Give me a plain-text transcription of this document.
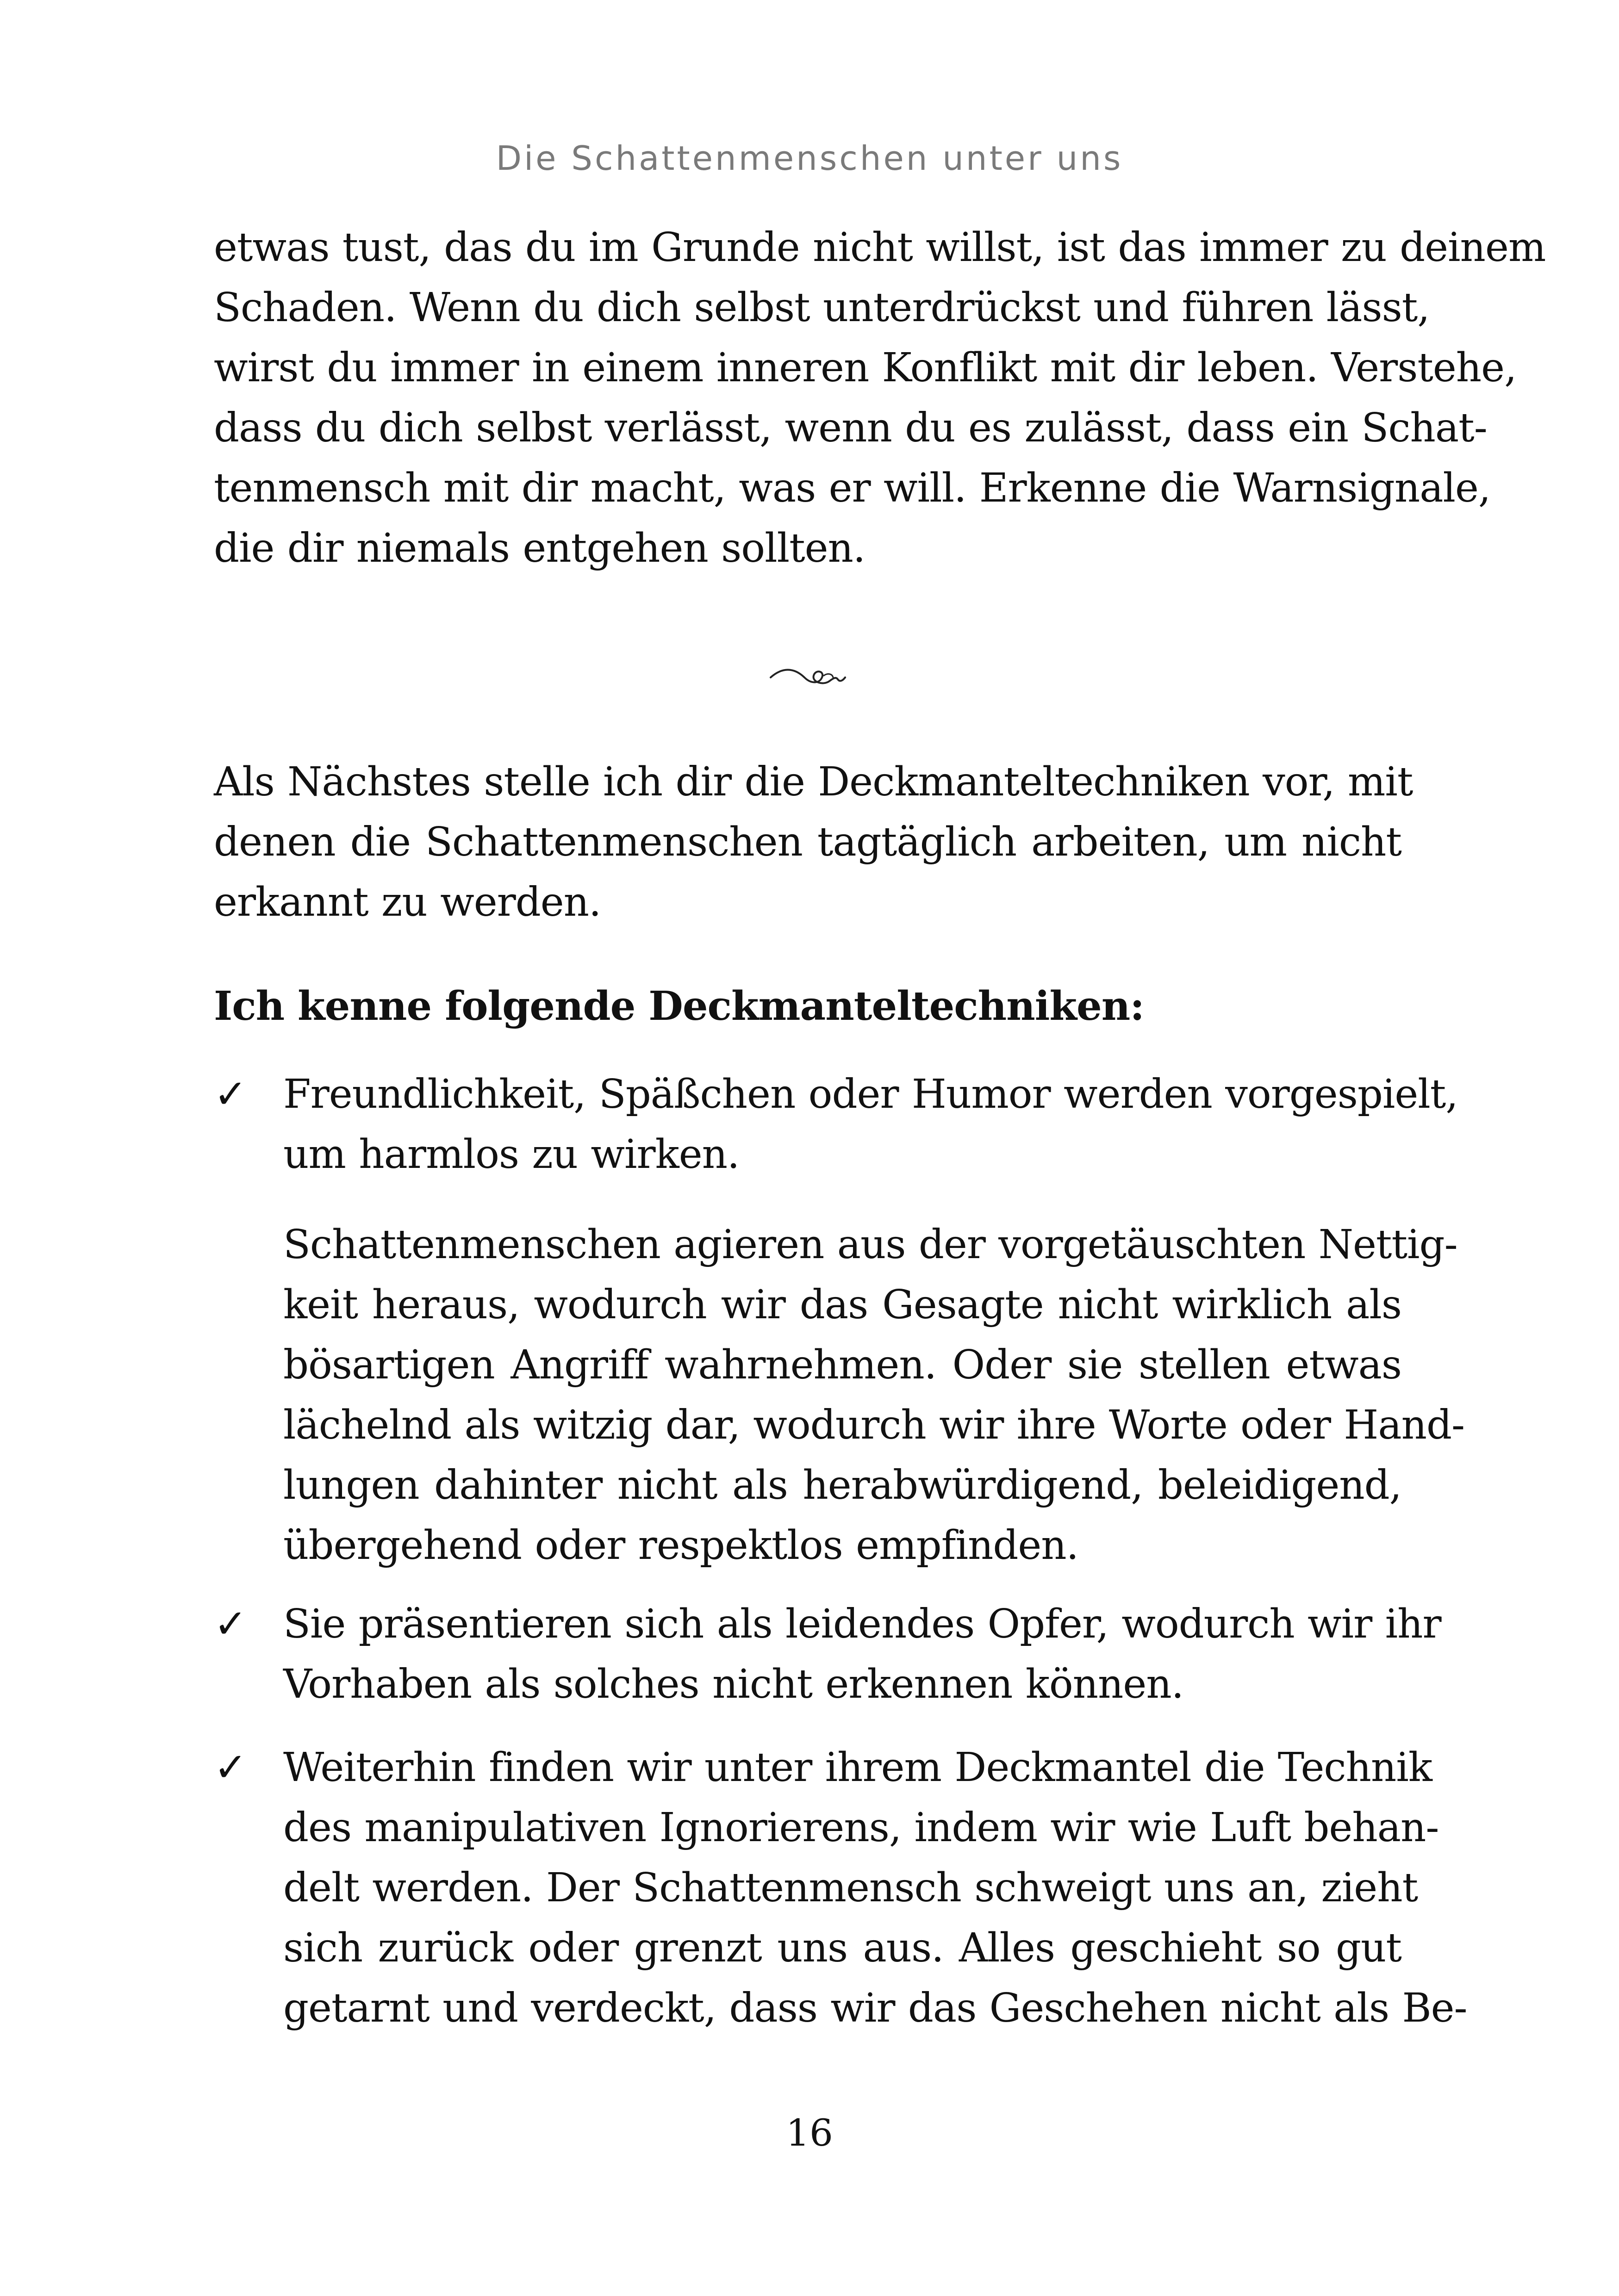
Die Schattenmenschen unter uns
etwas tust, das du im Grunde nicht willst, ist das immer zu deinem
Schaden. Wenn du dich selbst unterdrückst und führen lässt,
wirst du immer in einem inneren Konflikt mit dir leben. Verstehe,
dass du dich selbst verlässt, wenn du es zulässt, dass ein Schat-
tenmensch mit dir macht, was er will. Erkenne die Warnsignale,
die dir niemals entgehen sollten.
Als Nächstes stelle ich dir die Deckmanteltechniken vor, mit
denen die Schattenmenschen tagtäglich arbeiten, um nicht
erkannt zu werden.
Ich kenne folgende Deckmanteltechniken:
✓ Freundlichkeit, Späßchen oder Humor werden vorgespielt,
um harmlos zu wirken.
Schattenmenschen agieren aus der vorgetäuschten Nettig-
keit heraus, wodurch wir das Gesagte nicht wirklich als
bösartigen Angriff wahrnehmen. Oder sie stellen etwas
lächelnd als witzig dar, wodurch wir ihre Worte oder Hand-
lungen dahinter nicht als herabwürdigend, beleidigend,
übergehend oder respektlos empfinden.
✓ Sie präsentieren sich als leidendes Opfer, wodurch wir ihr
Vorhaben als solches nicht erkennen können.
✓ Weiterhin finden wir unter ihrem Deckmantel die Technik
des manipulativen Ignorierens, indem wir wie Luft behan-
delt werden. Der Schattenmensch schweigt uns an, zieht
sich zurück oder grenzt uns aus. Alles geschieht so gut
getarnt und verdeckt, dass wir das Geschehen nicht als Be-
16
